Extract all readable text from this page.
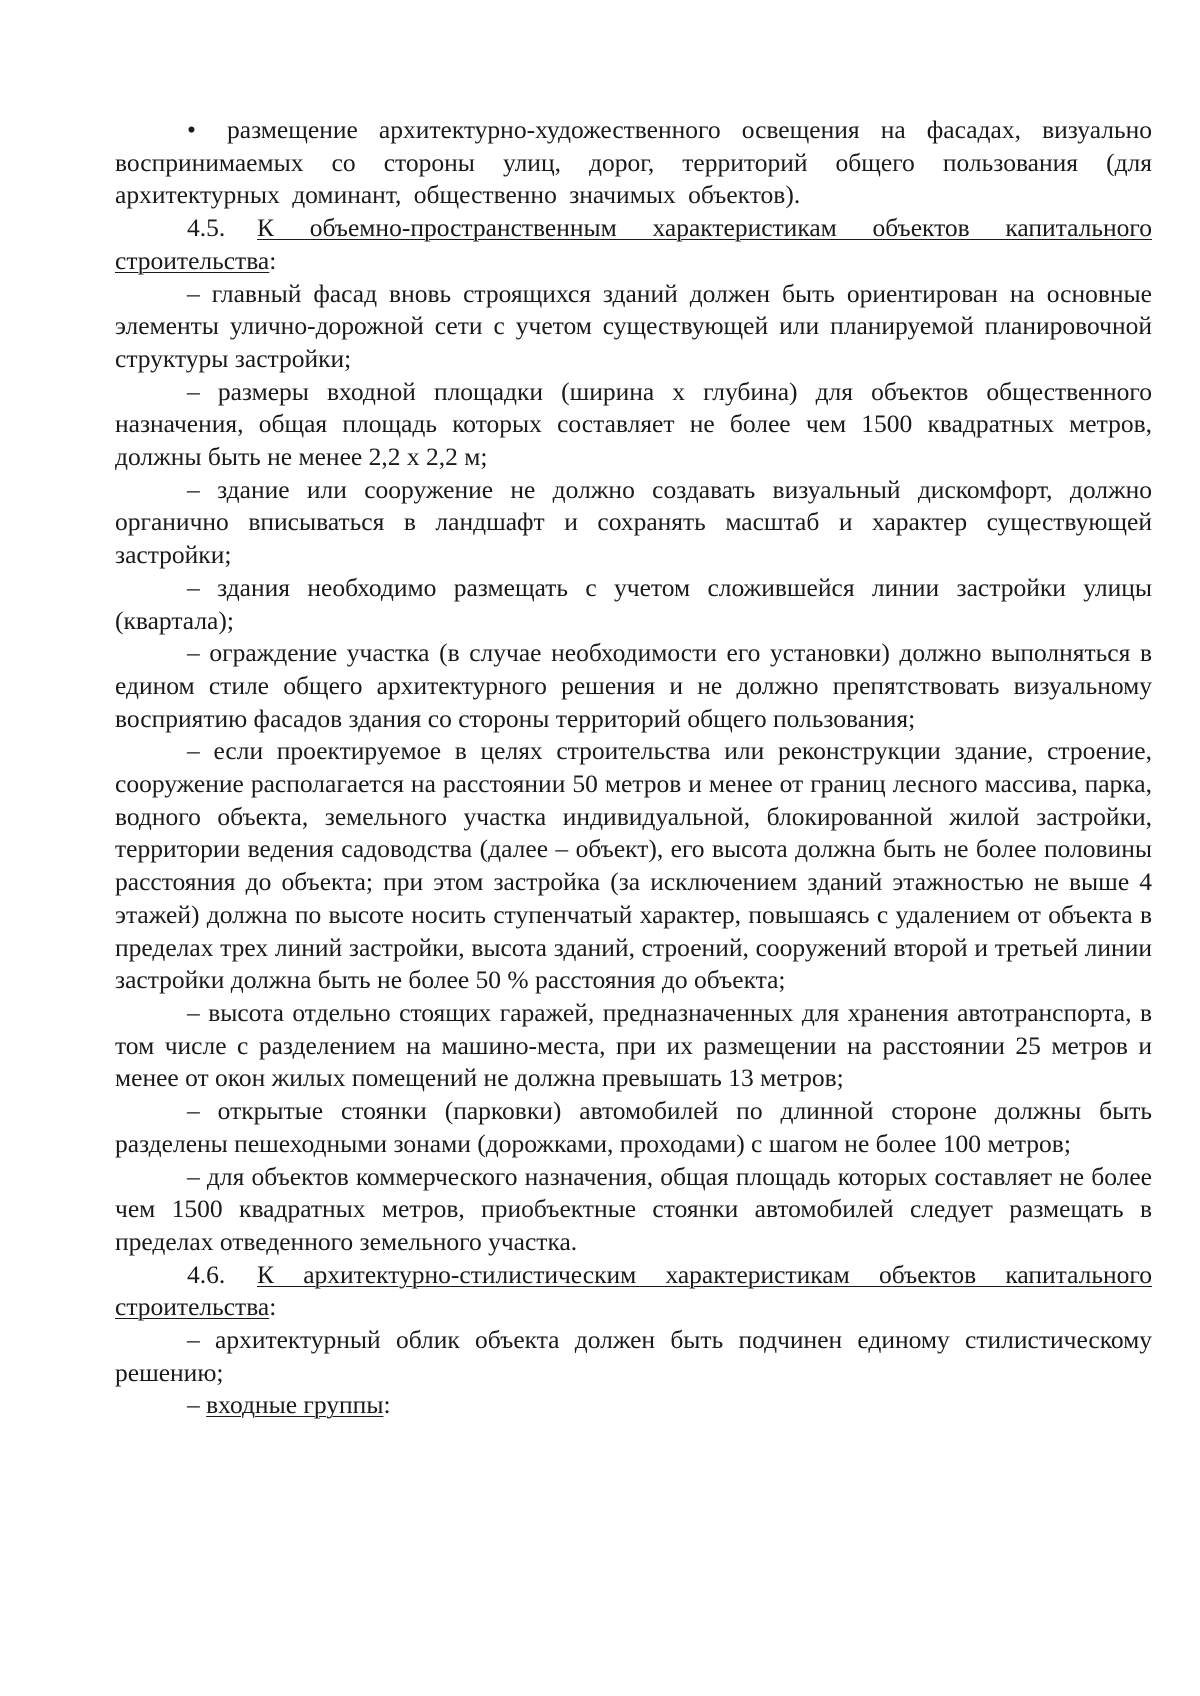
• размещение архитектурно-художественного освещения на фасадах, визуально воспринимаемых со стороны улиц, дорог, территорий общего пользования (для архитектурных доминант, общественно значимых объектов).

4.5. К объемно-пространственным характеристикам объектов капитального строительства:

– главный фасад вновь строящихся зданий должен быть ориентирован на основные элементы улично-дорожной сети с учетом существующей или планируемой планировочной структуры застройки;

– размеры входной площадки (ширина х глубина) для объектов общественного назначения, общая площадь которых составляет не более чем 1500 квадратных метров, должны быть не менее 2,2 х 2,2 м;

– здание или сооружение не должно создавать визуальный дискомфорт, должно органично вписываться в ландшафт и сохранять масштаб и характер существующей застройки;

– здания необходимо размещать с учетом сложившейся линии застройки улицы (квартала);

– ограждение участка (в случае необходимости его установки) должно выполняться в едином стиле общего архитектурного решения и не должно препятствовать визуальному восприятию фасадов здания со стороны территорий общего пользования;

– если проектируемое в целях строительства или реконструкции здание, строение, сооружение располагается на расстоянии 50 метров и менее от границ лесного массива, парка, водного объекта, земельного участка индивидуальной, блокированной жилой застройки, территории ведения садоводства (далее – объект), его высота должна быть не более половины расстояния до объекта; при этом застройка (за исключением зданий этажностью не выше 4 этажей) должна по высоте носить ступенчатый характер, повышаясь с удалением от объекта в пределах трех линий застройки, высота зданий, строений, сооружений второй и третьей линии застройки должна быть не более 50 % расстояния до объекта;

– высота отдельно стоящих гаражей, предназначенных для хранения автотранспорта, в том числе с разделением на машино-места, при их размещении на расстоянии 25 метров и менее от окон жилых помещений не должна превышать 13 метров;

– открытые стоянки (парковки) автомобилей по длинной стороне должны быть разделены пешеходными зонами (дорожками, проходами) с шагом не более 100 метров;

– для объектов коммерческого назначения, общая площадь которых составляет не более чем 1500 квадратных метров, приобъектные стоянки автомобилей следует размещать в пределах отведенного земельного участка.

4.6. К архитектурно-стилистическим характеристикам объектов капитального строительства:

– архитектурный облик объекта должен быть подчинен единому стилистическому решению;

– входные группы:
